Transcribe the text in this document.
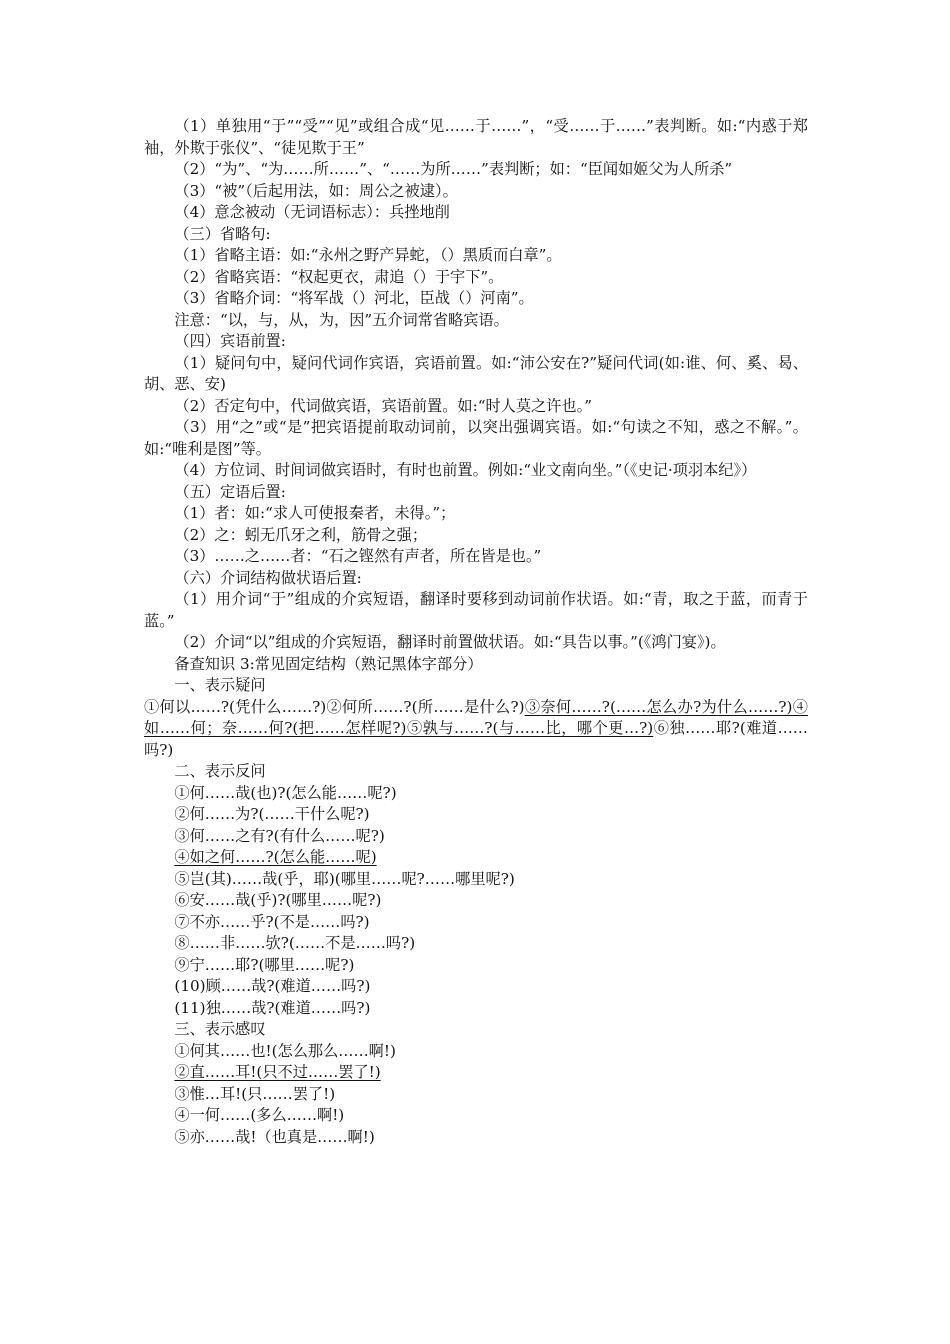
（1）单独用“于”“受”“见”或组合成“见……于……”，“受……于……”表判断。如:“内惑于郑袖，外欺于张仪”、“徒见欺于王”

（2）“为”、“为……所……”、“……为所……”表判断；如：“臣闻如姬父为人所杀”

（3）“被”（后起用法，如：周公之被逮）。

（4）意念被动（无词语标志）：兵挫地削

（三）省略句:

（1）省略主语：如:“永州之野产异蛇，（）黑质而白章”。

（2）省略宾语：“权起更衣，肃追（）于宇下”。

（3）省略介词：“将军战（）河北，臣战（）河南”。

注意：“以，与，从，为，因”五介词常省略宾语。

（四）宾语前置:

（1）疑问句中，疑问代词作宾语，宾语前置。如:“沛公安在?”疑问代词(如:谁、何、奚、曷、胡、恶、安)

（2）否定句中，代词做宾语，宾语前置。如:“时人莫之许也。”

（3）用“之”或“是”把宾语提前取动词前，以突出强调宾语。如:“句读之不知，惑之不解。”。如:“唯利是图”等。

（4）方位词、时间词做宾语时，有时也前置。例如:“业文南向坐。”（《史记·项羽本纪》）

（五）定语后置:

（1）者：如:“求人可使报秦者，未得。”；

（2）之：蚓无爪牙之利，筋骨之强；

（3）……之……者：“石之铿然有声者，所在皆是也。”

（六）介词结构做状语后置:

（1）用介词“于”组成的介宾短语，翻译时要移到动词前作状语。如:“青，取之于蓝，而青于蓝。”

（2）介词“以”组成的介宾短语，翻译时前置做状语。如:“具告以事。”(《鸿门宴》)。

备查知识 3:常见固定结构（熟记黑体字部分）

一、表示疑问

①何以……?(凭什么……?)②何所……?(所……是什么?)③奈何……?(……怎么办?为什么……?)④如……何；奈……何?(把……怎样呢?)⑤孰与……?(与……比，哪个更…?)⑥独……耶?(难道……吗?)

二、表示反问

①何……哉(也)?(怎么能……呢?)

②何……为?(……干什么呢?)

③何……之有?(有什么……呢?)

④如之何……?(怎么能……呢)

⑤岂(其)……哉(乎，耶)(哪里……呢?……哪里呢?)

⑥安……哉(乎)?(哪里……呢?)

⑦不亦……乎?(不是……吗?)

⑧……非……欤?(……不是……吗?)

⑨宁……耶?(哪里……呢?)

(10)顾……哉?(难道……吗?)

(11)独……哉?(难道……吗?)

三、表示感叹

①何其……也!(怎么那么……啊!)

②直……耳!(只不过……罢了!)

③惟…耳!(只……罢了!)

④一何……(多么……啊!)

⑤亦……哉!（也真是……啊!)
